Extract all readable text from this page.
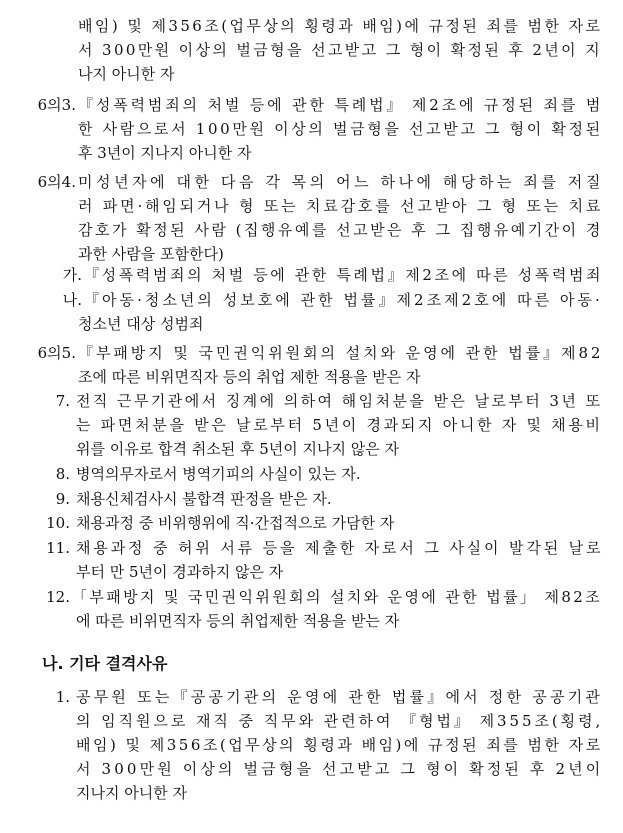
배임) 및 제356조(업무상의 횡령과 배임)에 규정된 죄를 범한 자로
서 300만원 이상의 벌금형을 선고받고 그 형이 확정된 후 2년이 지
나지 아니한 자
6의3. 『성폭력범죄의 처벌 등에 관한 특례법』 제2조에 규정된 죄를 범
한 사람으로서 100만원 이상의 벌금형을 선고받고 그 형이 확정된
후 3년이 지나지 아니한 자
6의4. 미성년자에 대한 다음 각 목의 어느 하나에 해당하는 죄를 저질
러 파면·해임되거나 형 또는 치료감호를 선고받아 그 형 또는 치료
감호가 확정된 사람 (집행유예를 선고받은 후 그 집행유예기간이 경
과한 사람을 포함한다)
가. 『성폭력범죄의 처벌 등에 관한 특례법』제2조에 따른 성폭력범죄
나. 『아동·청소년의 성보호에 관한 법률』제2조제2호에 따른 아동·
청소년 대상 성범죄
6의5. 『부패방지 및 국민권익위원회의 설치와 운영에 관한 법률』제82
조에 따른 비위면직자 등의 취업 제한 적용을 받은 자
7. 전직 근무기관에서 징계에 의하여 해임처분을 받은 날로부터 3년 또
는 파면처분을 받은 날로부터 5년이 경과되지 아니한 자 및 채용비
위를 이유로 합격 취소된 후 5년이 지나지 않은 자
8. 병역의무자로서 병역기피의 사실이 있는 자.
9. 채용신체검사시 불합격 판정을 받은 자.
10. 채용과정 중 비위행위에 직·간접적으로 가담한 자
11. 채용과정 중 허위 서류 등을 제출한 자로서 그 사실이 발각된 날로
부터 만 5년이 경과하지 않은 자
12. 「부패방지 및 국민권익위원회의 설치와 운영에 관한 법률」 제82조
에 따른 비위면직자 등의 취업제한 적용을 받는 자
나. 기타 결격사유
1. 공무원 또는『공공기관의 운영에 관한 법률』에서 정한 공공기관
의 임직원으로 재직 중 직무와 관련하여 『형법』 제355조(횡령,
배임) 및 제356조(업무상의 횡령과 배임)에 규정된 죄를 범한 자로
서 300만원 이상의 벌금형을 선고받고 그 형이 확정된 후 2년이
지나지 아니한 자
